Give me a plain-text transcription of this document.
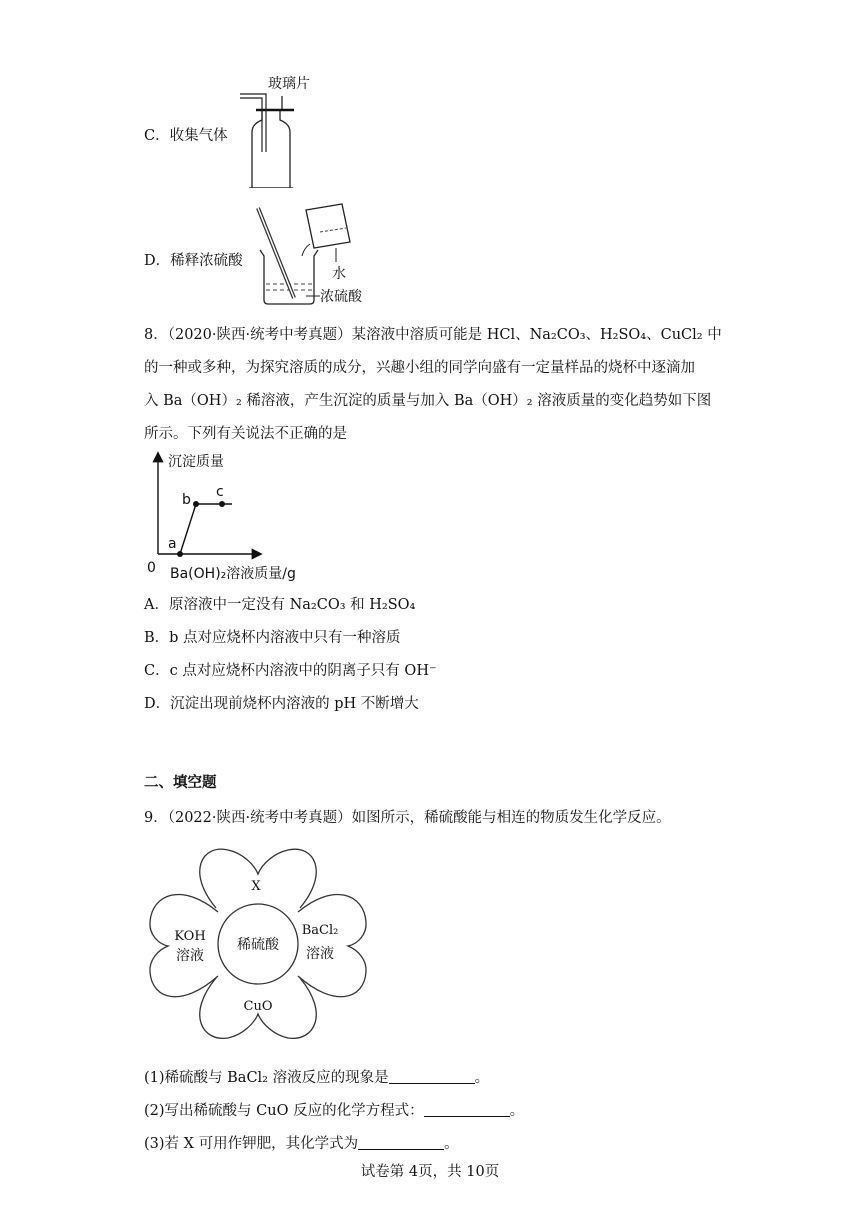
C．收集气体
玻璃片
D．稀释浓硫酸
水
浓硫酸
8．（2020·陕西·统考中考真题）某溶液中溶质可能是 HCl、Na₂CO₃、H₂SO₄、CuCl₂ 中
的一种或多种，为探究溶质的成分，兴趣小组的同学向盛有一定量样品的烧杯中逐滴加
入 Ba（OH）₂ 稀溶液，产生沉淀的质量与加入 Ba（OH）₂ 溶液质量的变化趋势如下图
所示。下列有关说法不正确的是
沉淀质量
0 Ba(OH)₂溶液质量/g
a
b c
A．原溶液中一定没有 Na₂CO₃ 和 H₂SO₄
B．b 点对应烧杯内溶液中只有一种溶质
C．c 点对应烧杯内溶液中的阴离子只有 OH⁻
D．沉淀出现前烧杯内溶液的 pH 不断增大
二、填空题
9．（2022·陕西·统考中考真题）如图所示，稀硫酸能与相连的物质发生化学反应。
稀硫酸
X
KOH
溶液
BaCl₂
溶液
CuO
(1)稀硫酸与 BaCl₂ 溶液反应的现象是	。
(2)写出稀硫酸与 CuO 反应的化学方程式：	。
(3)若 X 可用作钾肥，其化学式为	。
试卷第 4页，共 10页
